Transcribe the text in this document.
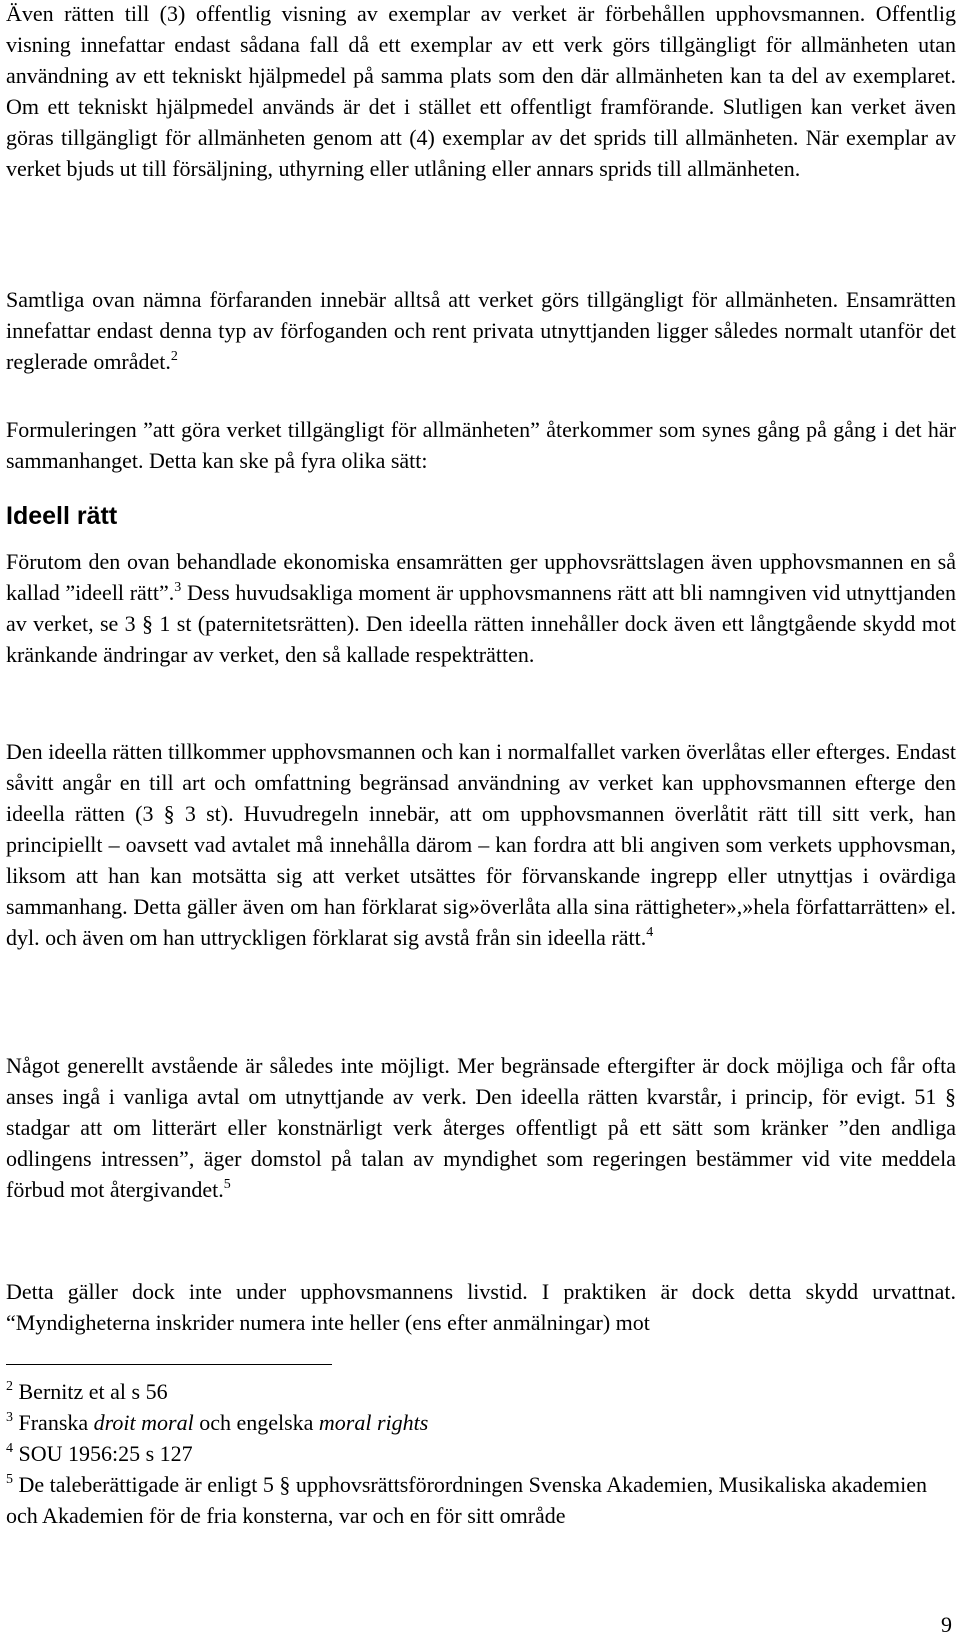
Även rätten till (3) offentlig visning av exemplar av verket är förbehållen upphovsmannen. Offentlig visning innefattar endast sådana fall då ett exemplar av ett verk görs tillgängligt för allmänheten utan användning av ett tekniskt hjälpmedel på samma plats som den där allmänheten kan ta del av exemplaret. Om ett tekniskt hjälpmedel används är det i stället ett offentligt framförande. Slutligen kan verket även göras tillgängligt för allmänheten genom att (4) exemplar av det sprids till allmänheten. När exemplar av verket bjuds ut till försäljning, uthyrning eller utlåning eller annars sprids till allmänheten.

Samtliga ovan nämna förfaranden innebär alltså att verket görs tillgängligt för allmänheten. Ensamrätten innefattar endast denna typ av förfoganden och rent privata utnyttjanden ligger således normalt utanför det reglerade området.$^2$

Formuleringen ”att göra verket tillgängligt för allmänheten” återkommer som synes gång på gång i det här sammanhanget. Detta kan ske på fyra olika sätt:

Ideell rätt

Förutom den ovan behandlade ekonomiska ensamrätten ger upphovsrättslagen även upphovsmannen en så kallad ”ideell rätt”.$^3$ Dess huvudsakliga moment är upphovsmannens rätt att bli namngiven vid utnyttjanden av verket, se 3 § 1 st (paternitetsrätten). Den ideella rätten innehåller dock även ett långtgående skydd mot kränkande ändringar av verket, den så kallade respekträtten.

Den ideella rätten tillkommer upphovsmannen och kan i normalfallet varken överlåtas eller efterges. Endast såvitt angår en till art och omfattning begränsad användning av verket kan upphovsmannen efterge den ideella rätten (3 § 3 st). Huvudregeln innebär, att om upphovsmannen överlåtit rätt till sitt verk, han principiellt – oavsett vad avtalet må innehålla därom – kan fordra att bli angiven som verkets upphovsman, liksom att han kan motsätta sig att verket utsättes för förvanskande ingrepp eller utnyttjas i ovärdiga sammanhang. Detta gäller även om han förklarat sig»överlåta alla sina rättigheter»,»hela författarrätten» el. dyl. och även om han uttryckligen förklarat sig avstå från sin ideella rätt.$^4$

Något generellt avstående är således inte möjligt. Mer begränsade eftergifter är dock möjliga och får ofta anses ingå i vanliga avtal om utnyttjande av verk. Den ideella rätten kvarstår, i princip, för evigt. 51 § stadgar att om litterärt eller konstnärligt verk återges offentligt på ett sätt som kränker ”den andliga odlingens intressen”, äger domstol på talan av myndighet som regeringen bestämmer vid vite meddela förbud mot återgivandet.$^5$

Detta gäller dock inte under upphovsmannens livstid. I praktiken är dock detta skydd urvattnat. “Myndigheterna inskrider numera inte heller (ens efter anmälningar) mot

$^2$ Bernitz et al s 56

$^3$ Franska droit moral och engelska moral rights

$^4$ SOU 1956:25 s 127

$^5$ De taleberättigade är enligt 5 § upphovsrättsförordningen Svenska Akademien, Musikaliska akademien och Akademien för de fria konsterna, var och en för sitt område

9
